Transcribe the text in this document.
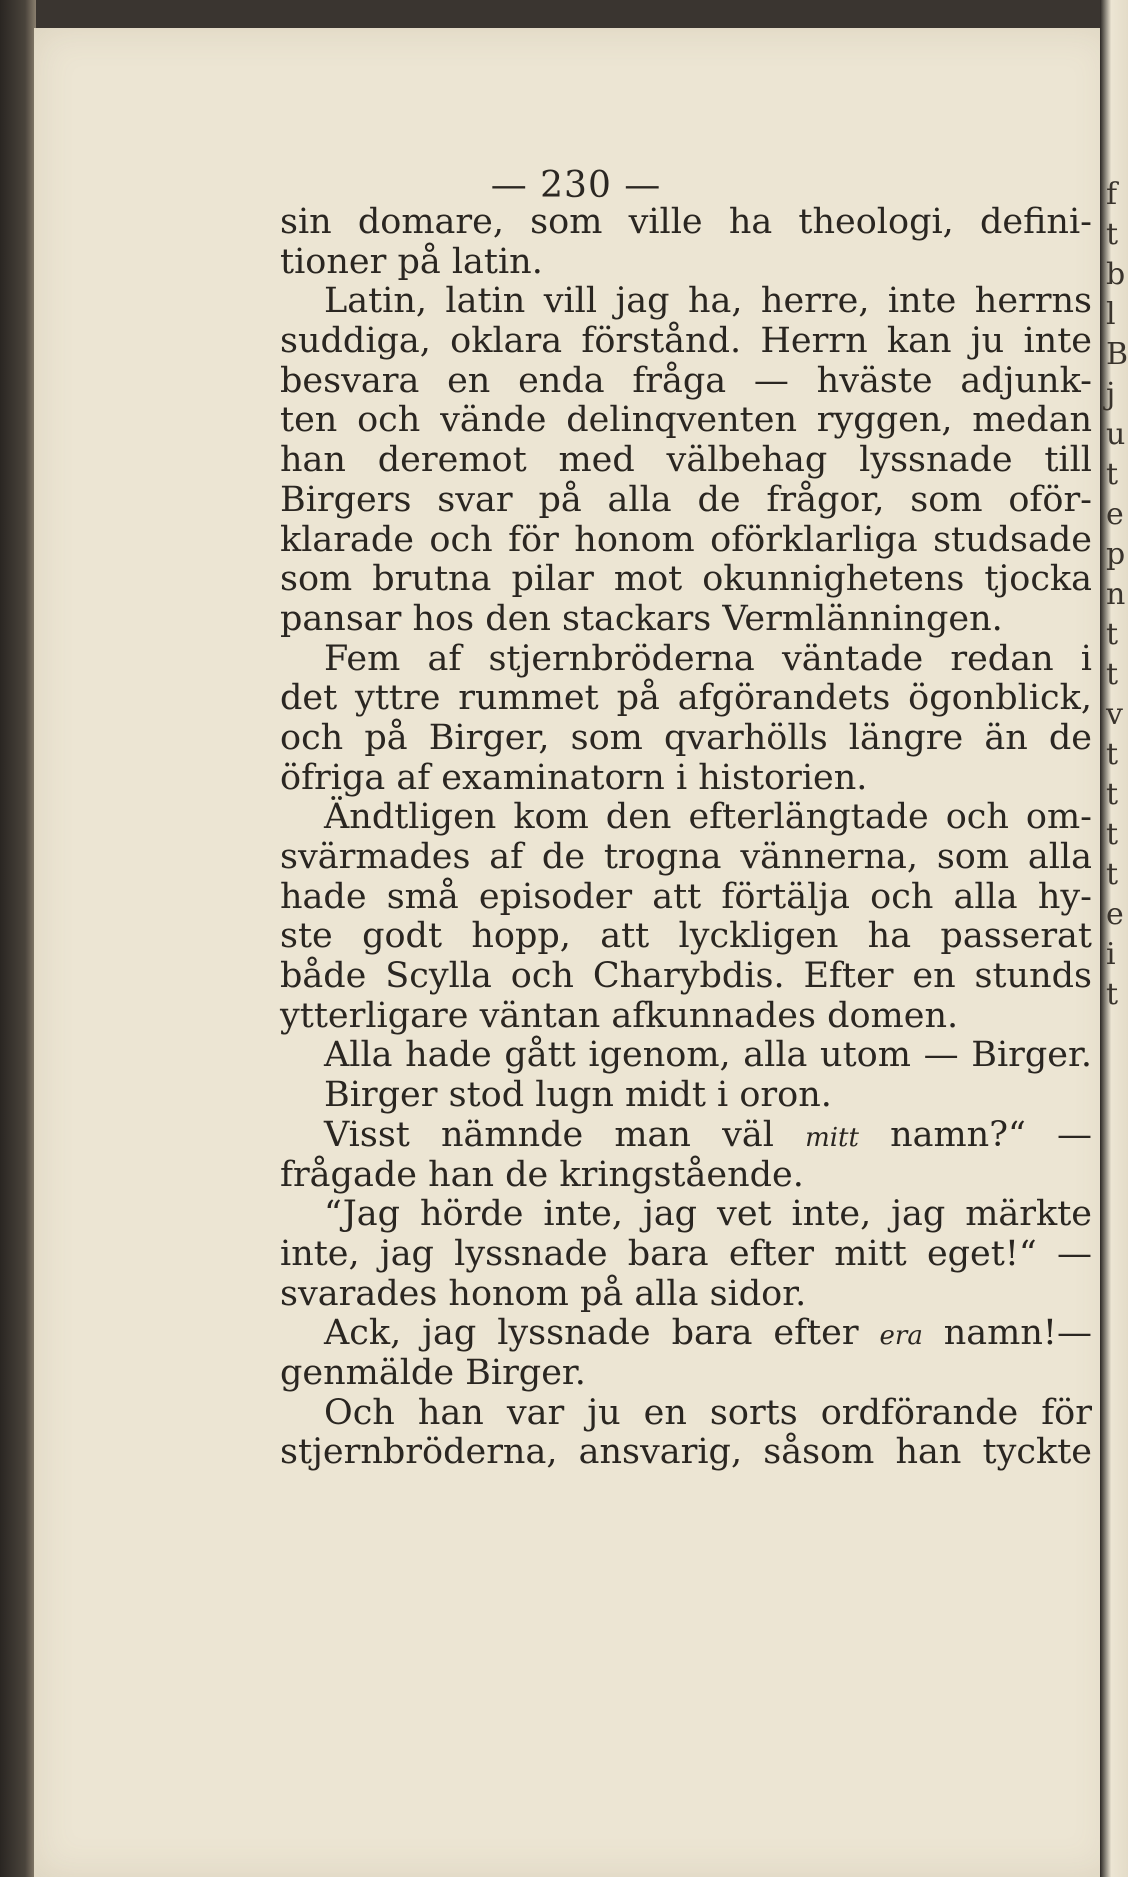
— 230 —
sin domare, som ville ha theologi, defini-
tioner på latin.
Latin, latin vill jag ha, herre, inte herrns
suddiga, oklara förstånd. Herrn kan ju inte
besvara en enda fråga — hväste adjunk-
ten och vände delinqventen ryggen, medan
han deremot med välbehag lyssnade till
Birgers svar på alla de frågor, som oför-
klarade och för honom oförklarliga studsade
som brutna pilar mot okunnighetens tjocka
pansar hos den stackars Vermlänningen.
Fem af stjernbröderna väntade redan i
det yttre rummet på afgörandets ögonblick,
och på Birger, som qvarhölls längre än de
öfriga af examinatorn i historien.
Ändtligen kom den efterlängtade och om-
svärmades af de trogna vännerna, som alla
hade små episoder att förtälja och alla hy-
ste godt hopp, att lyckligen ha passerat
både Scylla och Charybdis. Efter en stunds
ytterligare väntan afkunnades domen.
Alla hade gått igenom, alla utom — Birger.
Birger stod lugn midt i oron.
Visst nämnde man väl mitt namn?“ —
frågade han de kringstående.
“Jag hörde inte, jag vet inte, jag märkte
inte, jag lyssnade bara efter mitt eget!“ —
svarades honom på alla sidor.
Ack, jag lyssnade bara efter era namn!—
genmälde Birger.
Och han var ju en sorts ordförande för
stjernbröderna, ansvarig, såsom han tyckte
f
t
b
l
B
j
u
t
e
p
n
t
t
v
t
t
t
t
e
i
t
